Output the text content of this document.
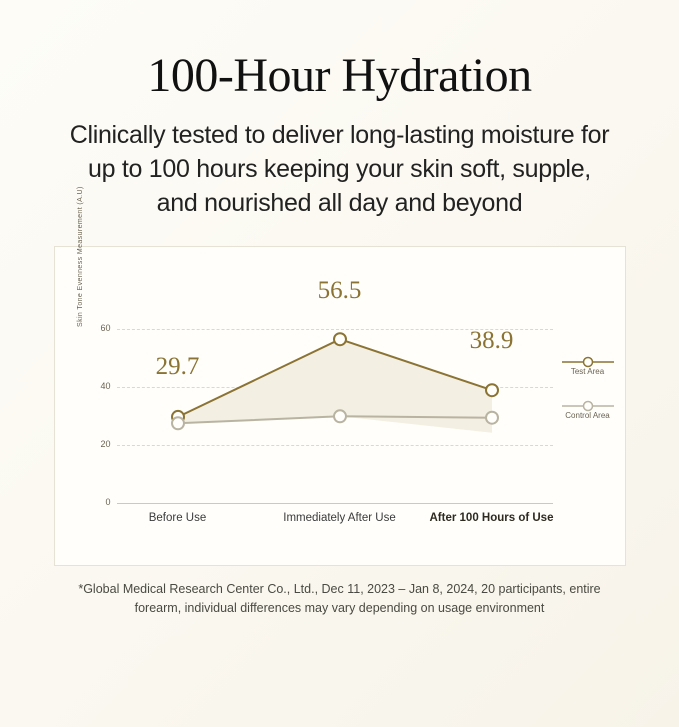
100-Hour Hydration

Clinically tested to deliver long-lasting moisture for up to 100 hours keeping your skin soft, supple, and nourished all day and beyond

Skin Tone Evenness Measurement (A.U)
60
40
20
0
29.7
56.5
38.9
Before Use	Immediately After Use	After 100 Hours of Use
Test Area
Control Area

*Global Medical Research Center Co., Ltd., Dec 11, 2023 – Jan 8, 2024, 20 participants, entire forearm, individual differences may vary depending on usage environment
